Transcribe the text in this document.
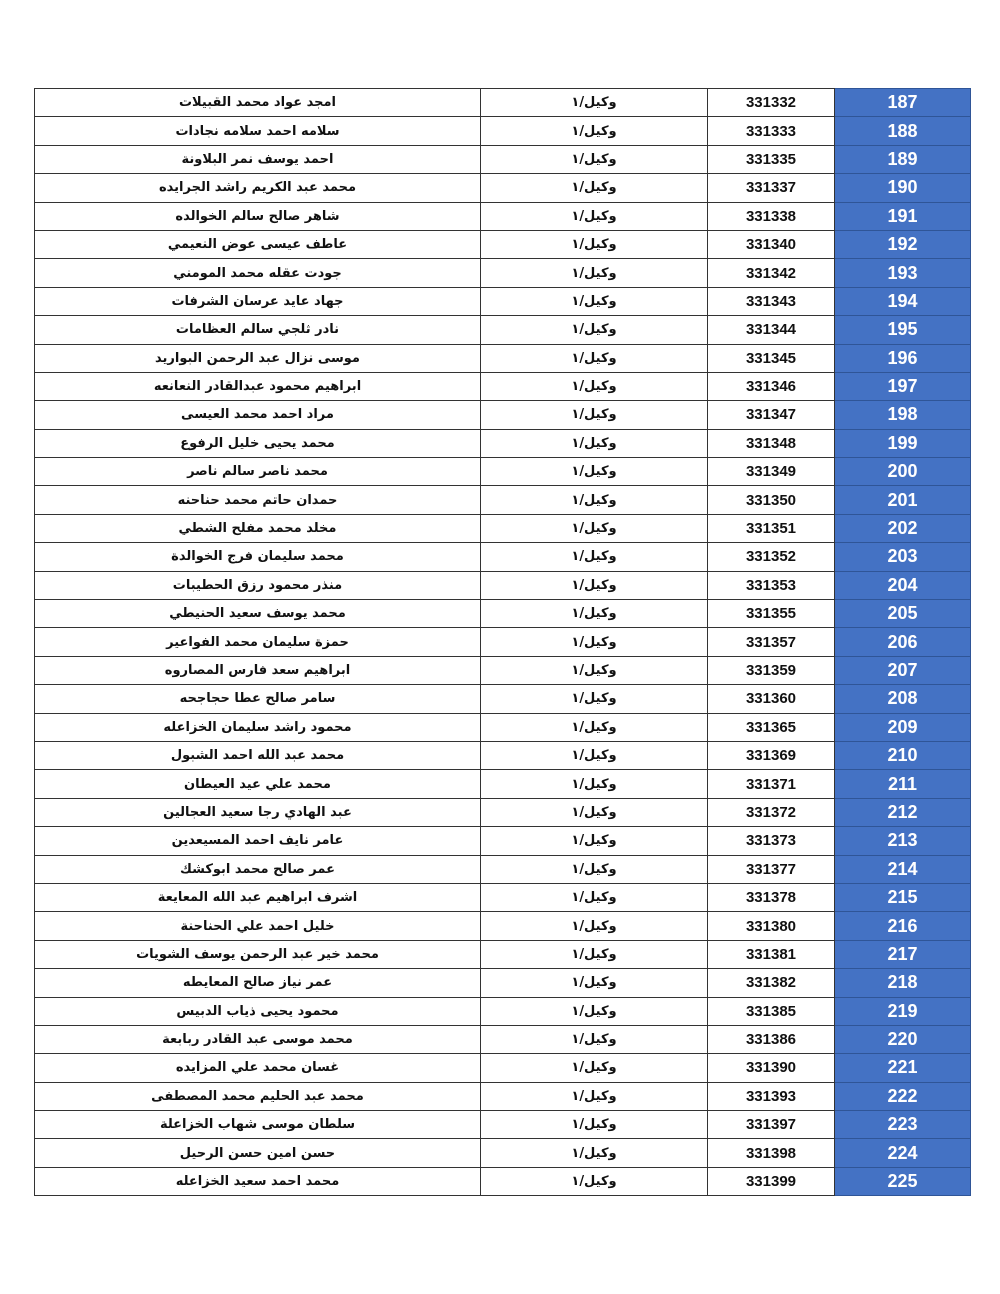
امجد عواد محمد القبيلات	وكيل/١	331332	187
سلامه احمد سلامه نجادات	وكيل/١	331333	188
احمد يوسف نمر البلاونة	وكيل/١	331335	189
محمد عبد الكريم راشد الجرايده	وكيل/١	331337	190
شاهر صالح سالم الخوالده	وكيل/١	331338	191
عاطف عيسى عوض النعيمي	وكيل/١	331340	192
جودت عقله محمد المومني	وكيل/١	331342	193
جهاد عايد عرسان الشرفات	وكيل/١	331343	194
نادر ثلجي سالم العظامات	وكيل/١	331344	195
موسى نزال عبد الرحمن البواريد	وكيل/١	331345	196
ابراهيم محمود عبدالقادر النعانعه	وكيل/١	331346	197
مراد احمد محمد العيسى	وكيل/١	331347	198
محمد يحيى خليل الرفوع	وكيل/١	331348	199
محمد ناصر سالم ناصر	وكيل/١	331349	200
حمدان حاتم محمد حناحنه	وكيل/١	331350	201
مخلد محمد مفلح الشطي	وكيل/١	331351	202
محمد سليمان فرج الخوالدة	وكيل/١	331352	203
منذر محمود رزق الحطيبات	وكيل/١	331353	204
محمد يوسف سعيد الحنيطي	وكيل/١	331355	205
حمزة سليمان محمد الفواعير	وكيل/١	331357	206
ابراهيم سعد فارس المصاروه	وكيل/١	331359	207
سامر صالح عطا حجاجحه	وكيل/١	331360	208
محمود راشد سليمان الخزاعله	وكيل/١	331365	209
محمد عبد الله احمد الشبول	وكيل/١	331369	210
محمد علي عيد العيطان	وكيل/١	331371	211
عبد الهادي رجا سعيد العجالين	وكيل/١	331372	212
عامر نايف احمد المسيعدين	وكيل/١	331373	213
عمر صالح محمد ابوكشك	وكيل/١	331377	214
اشرف ابراهيم عبد الله المعايعة	وكيل/١	331378	215
خليل احمد علي الحناحنة	وكيل/١	331380	216
محمد خير عبد الرحمن يوسف الشويات	وكيل/١	331381	217
عمر نياز صالح المعايطه	وكيل/١	331382	218
محمود يحيى ذياب الدبيس	وكيل/١	331385	219
محمد موسى عبد القادر ربابعة	وكيل/١	331386	220
غسان محمد علي المزايده	وكيل/١	331390	221
محمد عبد الحليم محمد المصطفى	وكيل/١	331393	222
سلطان موسى شهاب الخزاعلة	وكيل/١	331397	223
حسن امين حسن الرحيل	وكيل/١	331398	224
محمد احمد سعيد الخزاعله	وكيل/١	331399	225
